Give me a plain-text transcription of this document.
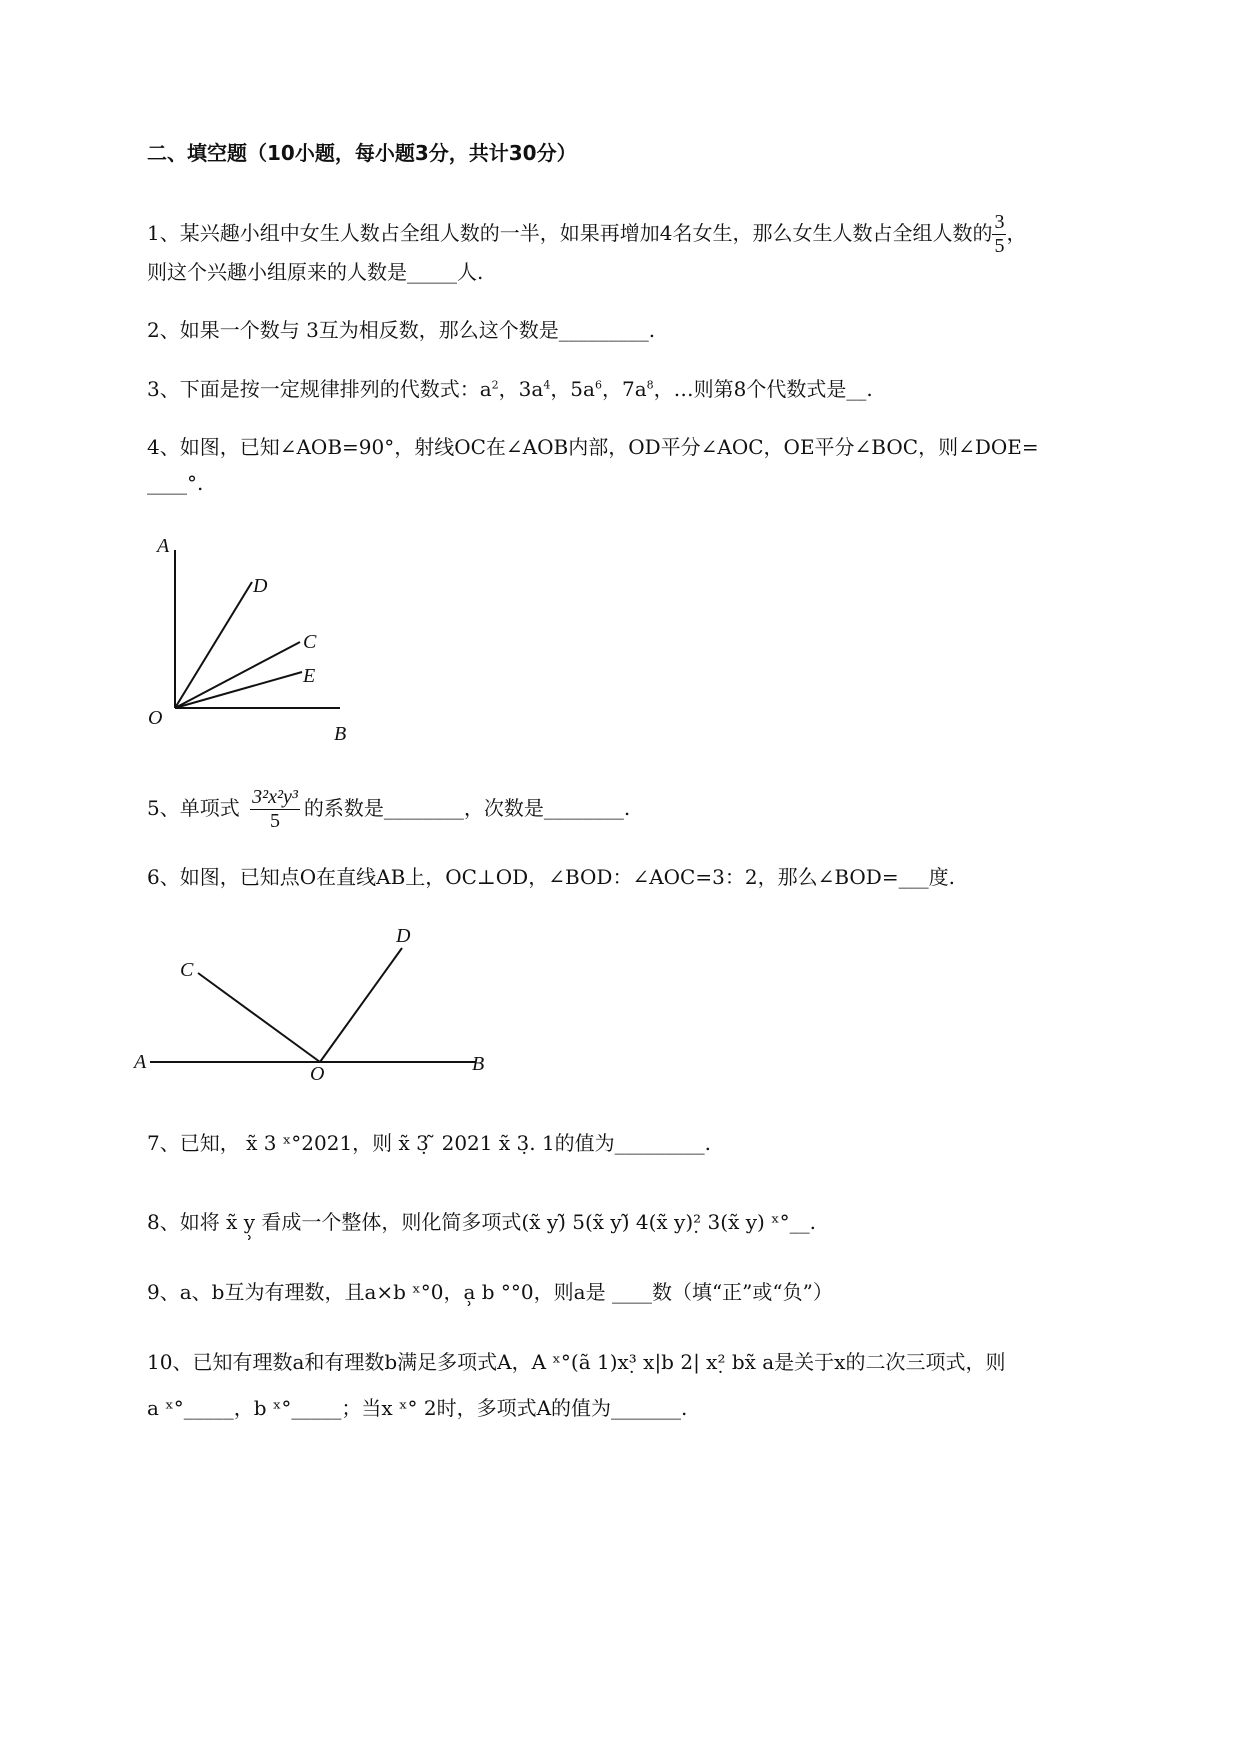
二、填空题（10小题，每小题3分，共计30分）
1、某兴趣小组中女生人数占全组人数的一半，如果再增加4名女生，那么女生人数占全组人数的 $\frac{3}{5}$ ，
则这个兴趣小组原来的人数是_____人.
2、如果一个数与 3互为相反数，那么这个数是_________.
3、下面是按一定规律排列的代数式：$a^2$，$3a^4$，$5a^6$，$7a^8$，…则第8个代数式是__.
4、如图，已知∠AOB=90°，射线OC在∠AOB内部，OD平分∠AOC，OE平分∠BOC，则∠DOE=
____°.
A
D
C
E
O
B
5、单项式 $\frac{\text{3²x²y³}}{5}$ 的系数是________，次数是________.
6、如图，已知点O在直线AB上，OC⊥OD，∠BOD：∠AOC=3：2，那么∠BOD=___度.
A
O	B
C
D
7、已知， x̃ 3 ˣ°2021，则 x̃ 3̣ ̃ 2021 x̃ 3̣. 1的值为_________.
8、如将 x̃ y̹ 看成一个整体，则化简多项式(x̃ y)̃ 5(x̃ y)̃ 4(x̃ y)²̣ 3(x̃ y) ˣ°__.
9、a、b互为有理数，且a×b ˣ°0，a̹ b °°0，则a是 ____数（填“正”或“负”）
10、已知有理数a和有理数b满足多项式A，A ˣ°(ã 1)x³̣ x|b 2| x²̣ bx̃ a是关于x的二次三项式，则
a ˣ°_____，b ˣ°_____；当x ˣ° 2时，多项式A的值为_______.
